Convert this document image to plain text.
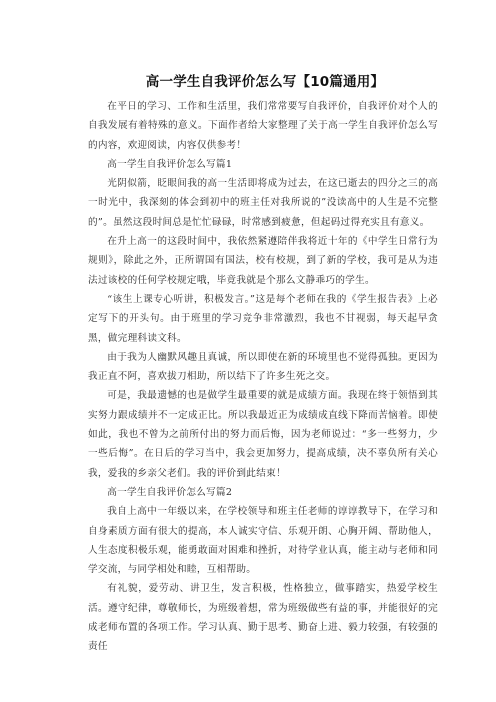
高一学生自我评价怎么写【10篇通用】

在平日的学习、工作和生活里，我们常常要写自我评价，自我评价对个人的自我发展有着特殊的意义。下面作者给大家整理了关于高一学生自我评价怎么写的内容，欢迎阅读，内容仅供参考！

高一学生自我评价怎么写篇1

光阴似箭，眨眼间我的高一生活即将成为过去，在这已逝去的四分之三的高一时光中，我深刻的体会到初中的班主任对我所说的”没读高中的人生是不完整的”。虽然这段时间总是忙忙碌碌，时常感到疲惫，但起码过得充实且有意义。

在升上高一的这段时间中，我依然紧遵陪伴我将近十年的《中学生日常行为规则》，除此之外，正所谓国有国法，校有校规，到了新的学校，我可是从为违法过该校的任何学校规定哦，毕竟我就是个那么文静乖巧的学生。

“该生上课专心听讲，积极发言。”这是每个老师在我的《学生报告表》上必定写下的开头句。由于班里的学习竞争非常激烈，我也不甘视弱，每天起早贪黑，做完理科读文科。

由于我为人幽默风趣且真诚，所以即使在新的环境里也不觉得孤独。更因为我正直不阿，喜欢拔刀相助，所以结下了许多生死之交。

可是，我最遗憾的也是做学生最重要的就是成绩方面。我现在终于领悟到其实努力跟成绩并不一定成正比。所以我最近正为成绩成直线下降而苦恼着。即使如此，我也不曾为之前所付出的努力而后悔，因为老师说过：“多一些努力，少一些后悔”。在日后的学习当中，我会更加努力，提高成绩，决不辜负所有关心我，爱我的乡亲父老们。我的评价到此结束！

高一学生自我评价怎么写篇2

我自上高中一年级以来，在学校领导和班主任老师的谆谆教导下，在学习和自身素质方面有很大的提高，本人诚实守信、乐观开朗、心胸开阔、帮助他人，人生态度积极乐观，能勇敢面对困难和挫折，对待学业认真，能主动与老师和同学交流，与同学相处和睦，互相帮助。

有礼貌，爱劳动、讲卫生，发言积极，性格独立，做事踏实，热爱学校生活。遵守纪律，尊敬师长，为班级着想，常为班级做些有益的事，并能很好的完成老师布置的各项工作。学习认真、勤于思考、勤奋上进、毅力较强，有较强的责任
